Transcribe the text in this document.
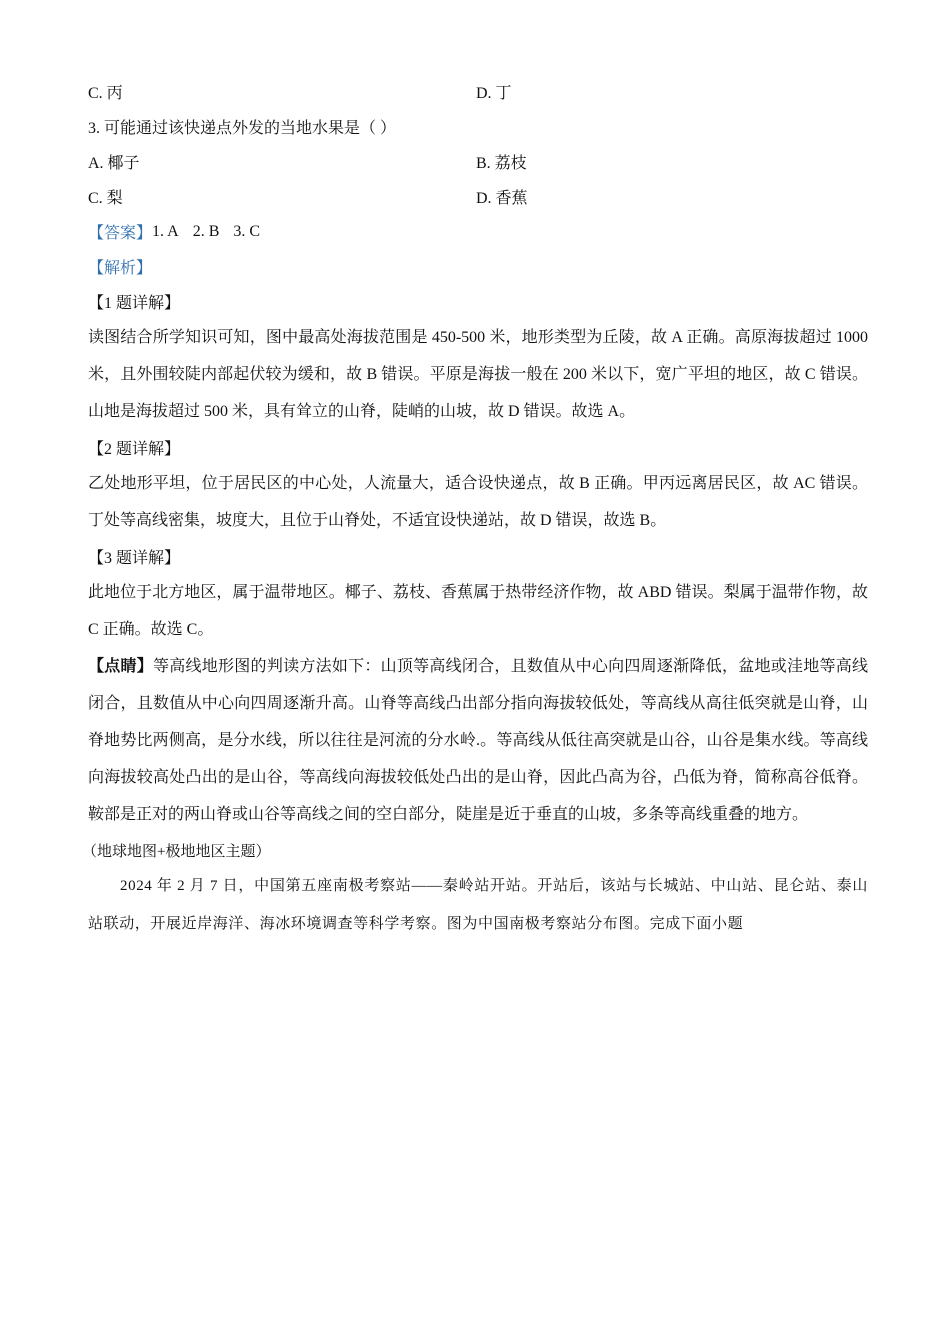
C. 丙	D. 丁
3. 可能通过该快递点外发的当地水果是（ ）
A. 椰子	B. 荔枝
C. 梨	D. 香蕉
【答案】 1. A 2. B 3. C
【解析】
【1 题详解】

读图结合所学知识可知，图中最高处海拔范围是 450-500 米，地形类型为丘陵，故 A 正确。高原海拔超过 1000 米，且外围较陡内部起伏较为缓和，故 B 错误。平原是海拔一般在 200 米以下，宽广平坦的地区，故 C 错误。山地是海拔超过 500 米，具有耸立的山脊，陡峭的山坡，故 D 错误。故选 A。

【2 题详解】

乙处地形平坦，位于居民区的中心处，人流量大，适合设快递点，故 B 正确。甲丙远离居民区，故 AC 错误。丁处等高线密集，坡度大，且位于山脊处，不适宜设快递站，故 D 错误，故选 B。

【3 题详解】

此地位于北方地区，属于温带地区。椰子、荔枝、香蕉属于热带经济作物，故 ABD 错误。梨属于温带作物，故 C 正确。故选 C。

【点睛】等高线地形图的判读方法如下：山顶等高线闭合，且数值从中心向四周逐渐降低，盆地或洼地等高线闭合，且数值从中心向四周逐渐升高。山脊等高线凸出部分指向海拔较低处，等高线从高往低突就是山脊，山脊地势比两侧高，是分水线，所以往往是河流的分水岭.。等高线从低往高突就是山谷，山谷是集水线。等高线向海拔较高处凸出的是山谷，等高线向海拔较低处凸出的是山脊，因此凸高为谷，凸低为脊，简称高谷低脊。鞍部是正对的两山脊或山谷等高线之间的空白部分，陡崖是近于垂直的山坡，多条等高线重叠的地方。

（地球地图+极地地区主题）

2024 年 2 月 7 日，中国第五座南极考察站——秦岭站开站。开站后，该站与长城站、中山站、昆仑站、泰山站联动，开展近岸海洋、海冰环境调查等科学考察。图为中国南极考察站分布图。完成下面小题
